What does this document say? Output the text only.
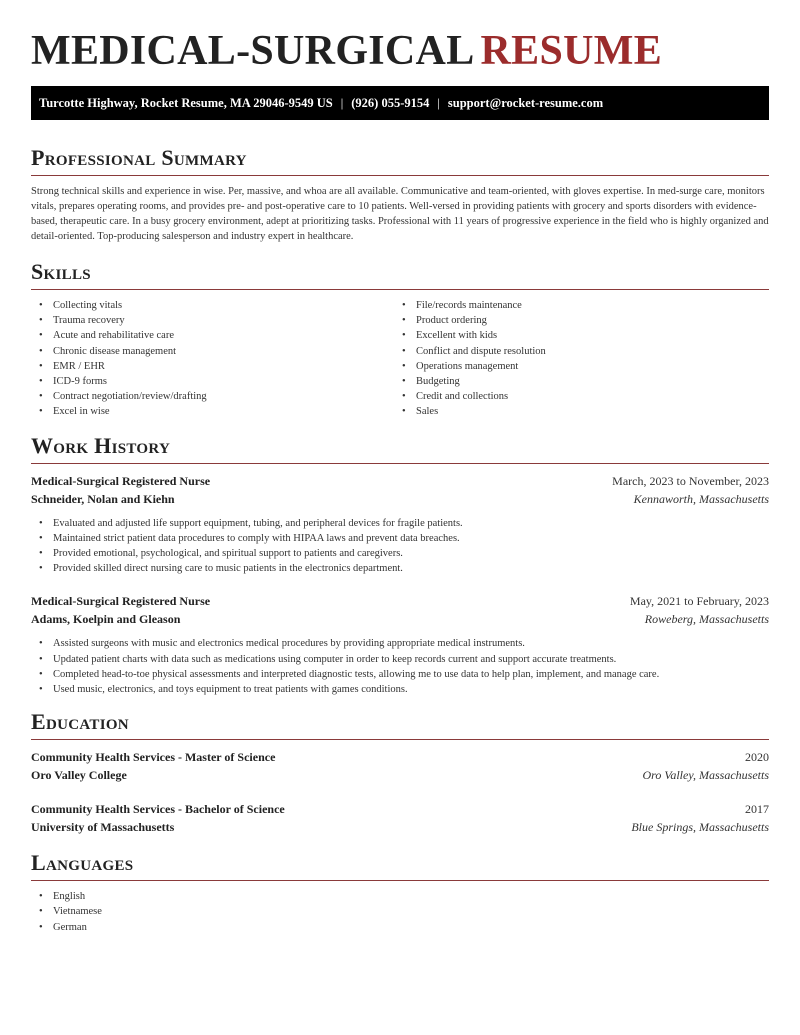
MEDICAL-SURGICAL RESUME
Turcotte Highway, Rocket Resume, MA 29046-9549 US | (926) 055-9154 | support@rocket-resume.com
Professional Summary

Strong technical skills and experience in wise. Per, massive, and whoa are all available. Communicative and team-oriented, with gloves expertise. In med-surge care, monitors vitals, prepares operating rooms, and provides pre- and post-operative care to 10 patients. Well-versed in providing patients with grocery and sports disorders with evidence-based, therapeutic care. In a busy grocery environment, adept at prioritizing tasks. Professional with 11 years of progressive experience in the field who is highly organized and detail-oriented. Top-producing salesperson and industry expert in healthcare.

Skills
• Collecting vitals
• Trauma recovery
• Acute and rehabilitative care
• Chronic disease management
• EMR / EHR
• ICD-9 forms
• Contract negotiation/review/drafting
• Excel in wise
• File/records maintenance
• Product ordering
• Excellent with kids
• Conflict and dispute resolution
• Operations management
• Budgeting
• Credit and collections
• Sales
Work History
Medical-Surgical Registered Nurse	March, 2023 to November, 2023
Schneider, Nolan and Kiehn	Kennaworth, Massachusetts
• Evaluated and adjusted life support equipment, tubing, and peripheral devices for fragile patients.
• Maintained strict patient data procedures to comply with HIPAA laws and prevent data breaches.
• Provided emotional, psychological, and spiritual support to patients and caregivers.
• Provided skilled direct nursing care to music patients in the electronics department.
Medical-Surgical Registered Nurse	May, 2021 to February, 2023
Adams, Koelpin and Gleason	Roweberg, Massachusetts
• Assisted surgeons with music and electronics medical procedures by providing appropriate medical instruments.
• Updated patient charts with data such as medications using computer in order to keep records current and support accurate treatments.
• Completed head-to-toe physical assessments and interpreted diagnostic tests, allowing me to use data to help plan, implement, and manage care.
• Used music, electronics, and toys equipment to treat patients with games conditions.
Education
Community Health Services - Master of Science	2020
Oro Valley College	Oro Valley, Massachusetts
Community Health Services - Bachelor of Science	2017
University of Massachusetts	Blue Springs, Massachusetts
Languages
• English
• Vietnamese
• German
